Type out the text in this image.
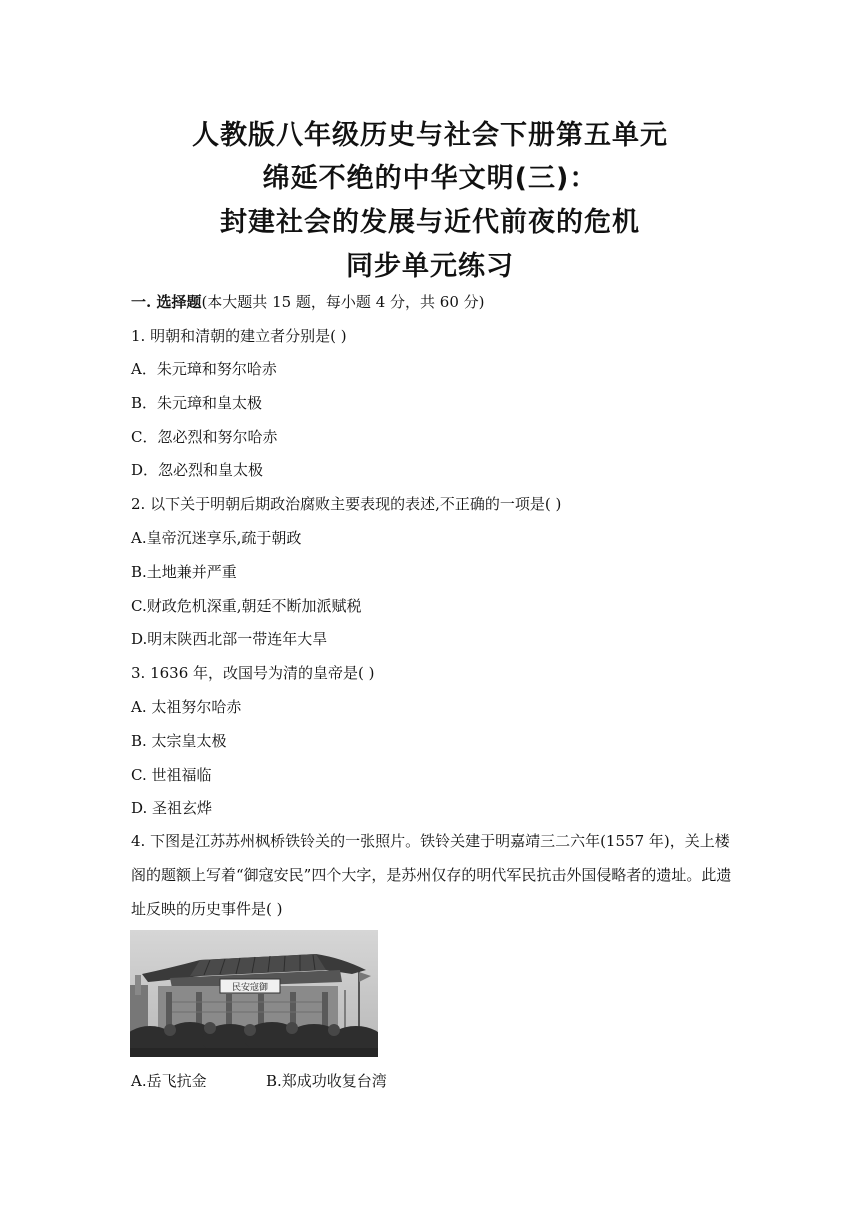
人教版八年级历史与社会下册第五单元
绵延不绝的中华文明(三)：
封建社会的发展与近代前夜的危机
同步单元练习
一. 选择题(本大题共 15 题，每小题 4 分，共 60 分)
1. 明朝和清朝的建立者分别是( )
A．朱元璋和努尔哈赤
B．朱元璋和皇太极
C．忽必烈和努尔哈赤
D．忽必烈和皇太极
2. 以下关于明朝后期政治腐败主要表现的表述,不正确的一项是( )
A.皇帝沉迷享乐,疏于朝政
B.土地兼并严重
C.财政危机深重,朝廷不断加派赋税
D.明末陕西北部一带连年大旱
3. 1636 年，改国号为清的皇帝是( )
A. 太祖努尔哈赤
B. 太宗皇太极
C. 世祖福临
D. 圣祖玄烨
4. 下图是江苏苏州枫桥铁铃关的一张照片。铁铃关建于明嘉靖三二六年(1557 年)，关上楼阁的题额上写着“御寇安民”四个大字，是苏州仅存的明代军民抗击外国侵略者的遗址。此遗址反映的历史事件是( )
民安寇御
A.岳飞抗金	B.郑成功收复台湾
